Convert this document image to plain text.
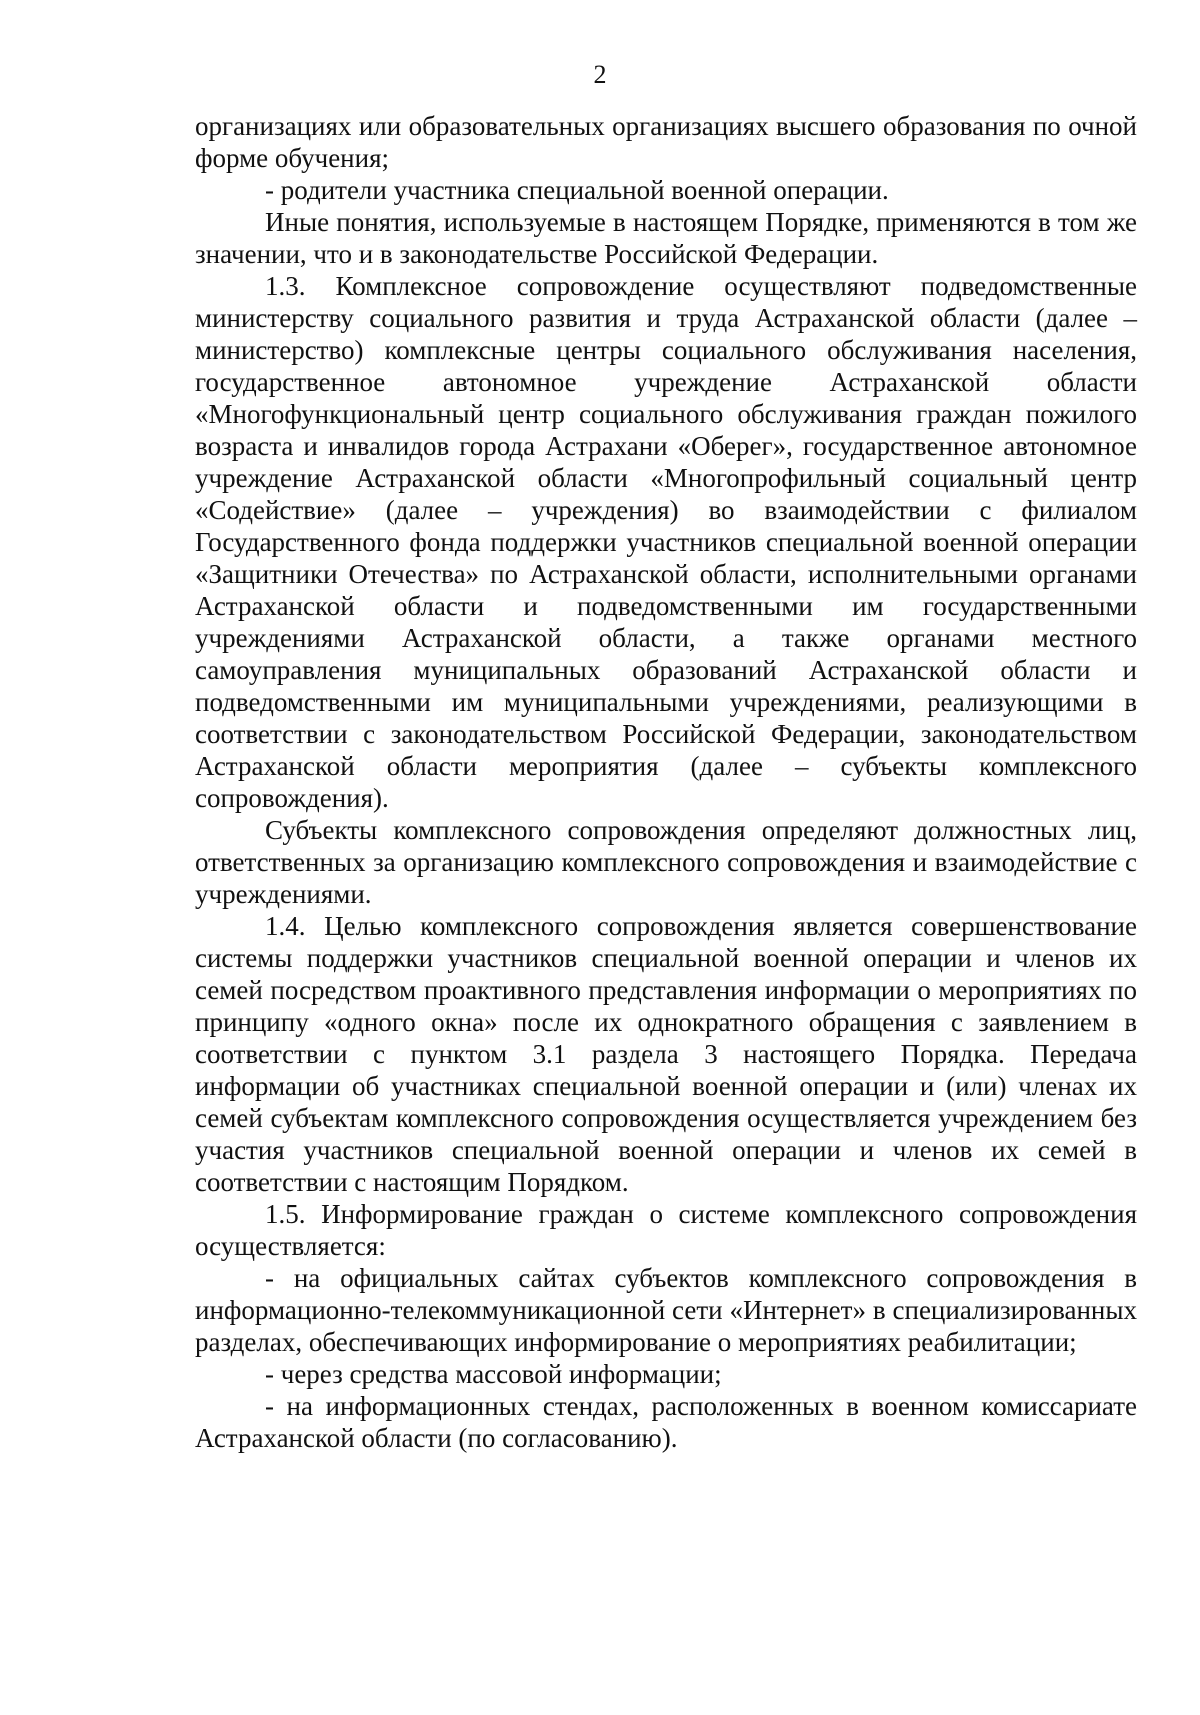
2

организациях или образовательных организациях высшего образования по очной форме обучения;

- родители участника специальной военной операции.

Иные понятия, используемые в настоящем Порядке, применяются в том же значении, что и в законодательстве Российской Федерации.

1.3. Комплексное сопровождение осуществляют подведомственные министерству социального развития и труда Астраханской области (далее – министерство) комплексные центры социального обслуживания населения, государственное автономное учреждение Астраханской области «Многофункциональный центр социального обслуживания граждан пожилого возраста и инвалидов города Астрахани «Оберег», государственное автономное учреждение Астраханской области «Многопрофильный социальный центр «Содействие» (далее – учреждения) во взаимодействии с филиалом Государственного фонда поддержки участников специальной военной операции «Защитники Отечества» по Астраханской области, исполнительными органами Астраханской области и подведомственными им государственными учреждениями Астраханской области, а также органами местного самоуправления муниципальных образований Астраханской области и подведомственными им муниципальными учреждениями, реализующими в соответствии с законодательством Российской Федерации, законодательством Астраханской области мероприятия (далее – субъекты комплексного сопровождения).

Субъекты комплексного сопровождения определяют должностных лиц, ответственных за организацию комплексного сопровождения и взаимодействие с учреждениями.

1.4. Целью комплексного сопровождения является совершенствование системы поддержки участников специальной военной операции и членов их семей посредством проактивного представления информации о мероприятиях по принципу «одного окна» после их однократного обращения с заявлением в соответствии с пунктом 3.1 раздела 3 настоящего Порядка. Передача информации об участниках специальной военной операции и (или) членах их семей субъектам комплексного сопровождения осуществляется учреждением без участия участников специальной военной операции и членов их семей в соответствии с настоящим Порядком.

1.5. Информирование граждан о системе комплексного сопровождения осуществляется:

- на официальных сайтах субъектов комплексного сопровождения в информационно-телекоммуникационной сети «Интернет» в специализированных разделах, обеспечивающих информирование о мероприятиях реабилитации;

- через средства массовой информации;

- на информационных стендах, расположенных в военном комиссариате Астраханской области (по согласованию).
